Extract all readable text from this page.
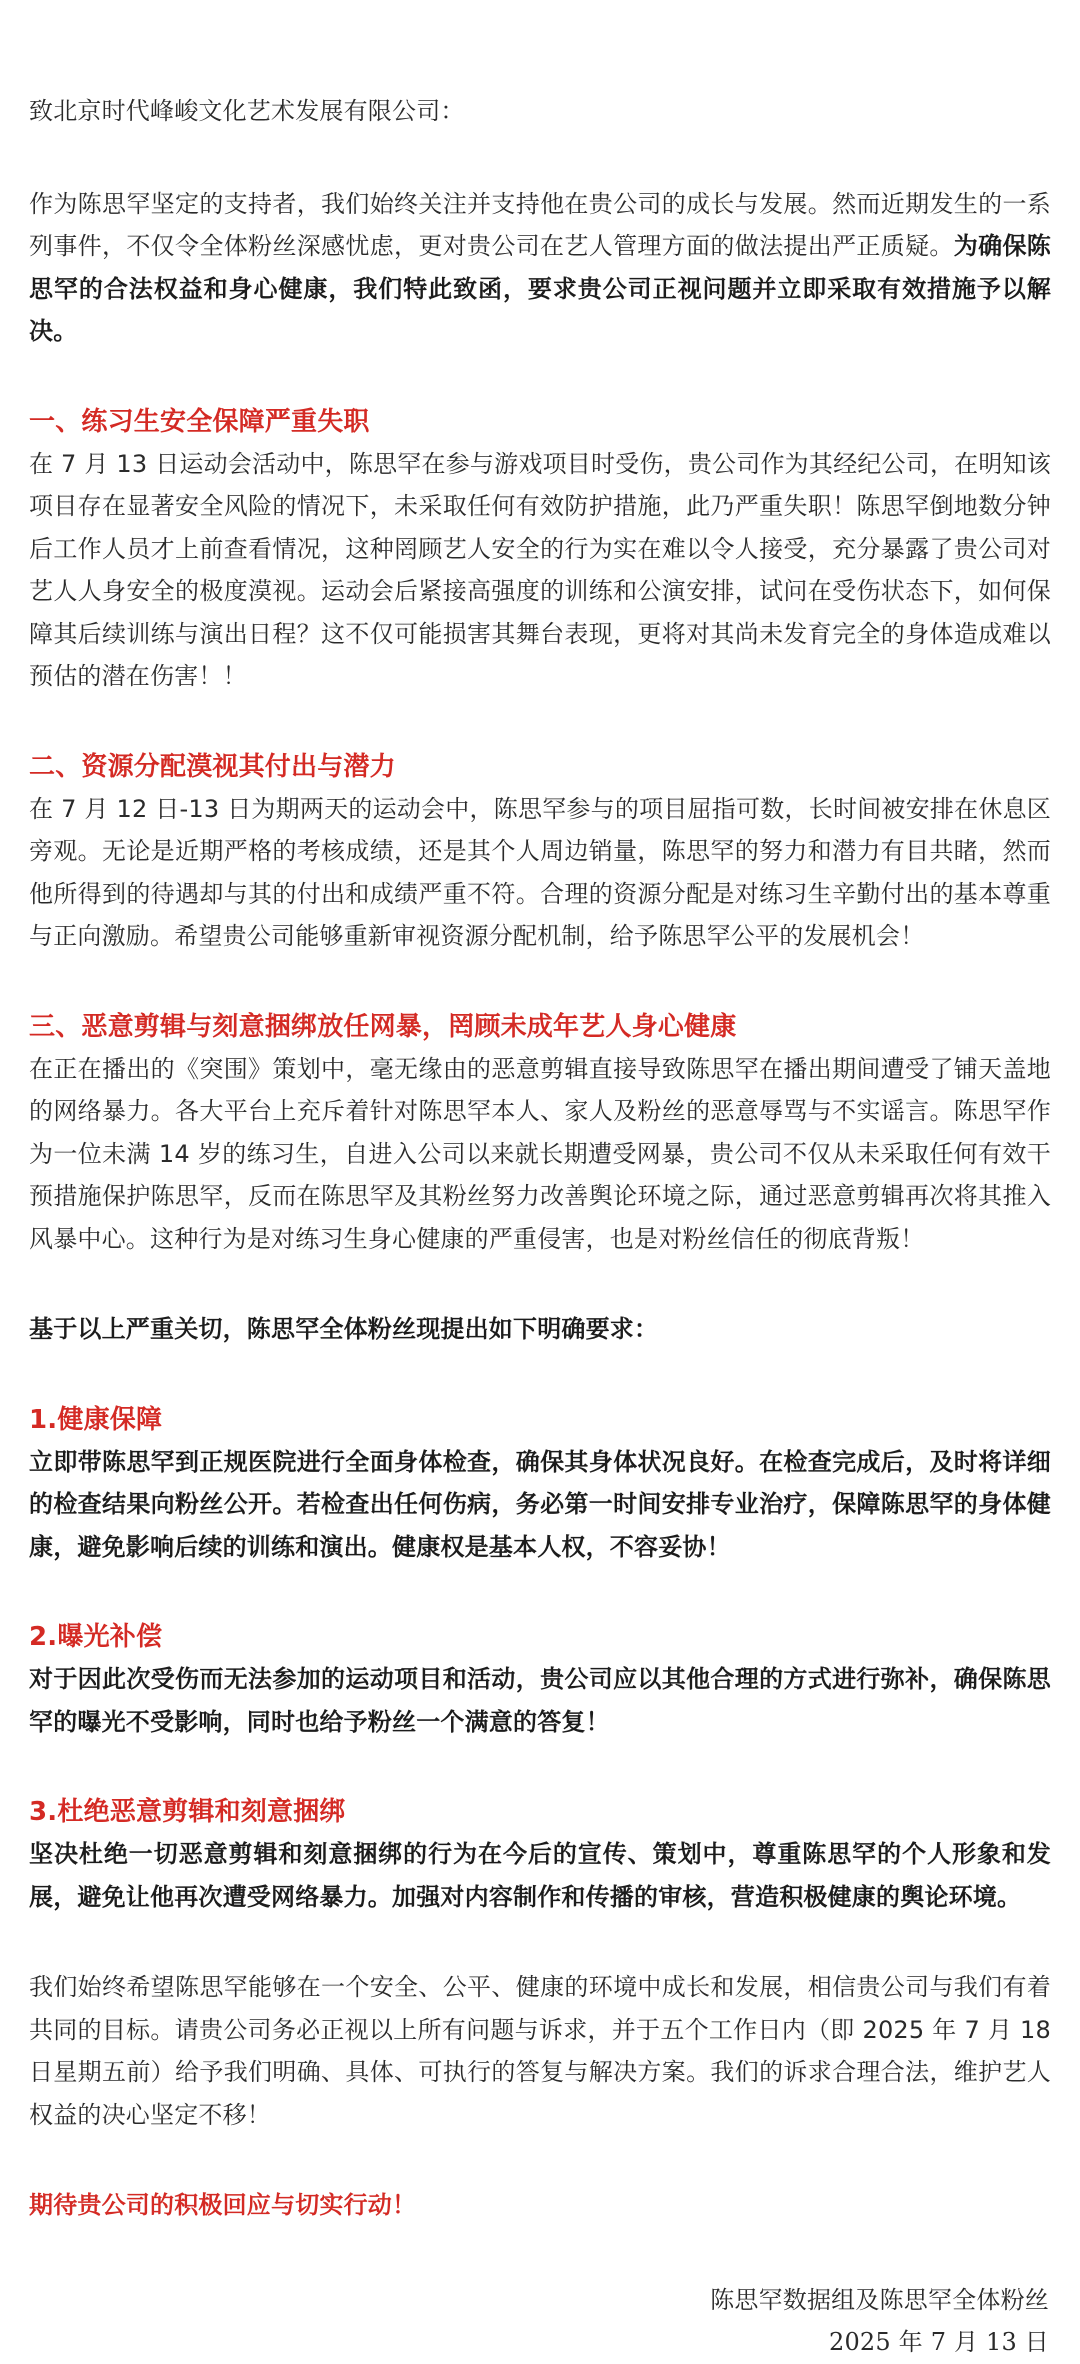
致北京时代峰峻文化艺术发展有限公司：

作为陈思罕坚定的支持者，我们始终关注并支持他在贵公司的成长与发展。然而近期发生的一系列事件，不仅令全体粉丝深感忧虑，更对贵公司在艺人管理方面的做法提出严正质疑。为确保陈思罕的合法权益和身心健康，我们特此致函，要求贵公司正视问题并立即采取有效措施予以解决。

一、练习生安全保障严重失职

在 7 月 13 日运动会活动中，陈思罕在参与游戏项目时受伤，贵公司作为其经纪公司，在明知该项目存在显著安全风险的情况下，未采取任何有效防护措施，此乃严重失职！陈思罕倒地数分钟后工作人员才上前查看情况，这种罔顾艺人安全的行为实在难以令人接受，充分暴露了贵公司对艺人人身安全的极度漠视。运动会后紧接高强度的训练和公演安排，试问在受伤状态下，如何保障其后续训练与演出日程？这不仅可能损害其舞台表现，更将对其尚未发育完全的身体造成难以预估的潜在伤害！！

二、资源分配漠视其付出与潜力

在 7 月 12 日-13 日为期两天的运动会中，陈思罕参与的项目屈指可数，长时间被安排在休息区旁观。无论是近期严格的考核成绩，还是其个人周边销量，陈思罕的努力和潜力有目共睹，然而他所得到的待遇却与其的付出和成绩严重不符。合理的资源分配是对练习生辛勤付出的基本尊重与正向激励。希望贵公司能够重新审视资源分配机制，给予陈思罕公平的发展机会！

三、恶意剪辑与刻意捆绑放任网暴，罔顾未成年艺人身心健康

在正在播出的《突围》策划中，毫无缘由的恶意剪辑直接导致陈思罕在播出期间遭受了铺天盖地的网络暴力。各大平台上充斥着针对陈思罕本人、家人及粉丝的恶意辱骂与不实谣言。陈思罕作为一位未满 14 岁的练习生，自进入公司以来就长期遭受网暴，贵公司不仅从未采取任何有效干预措施保护陈思罕，反而在陈思罕及其粉丝努力改善舆论环境之际，通过恶意剪辑再次将其推入风暴中心。这种行为是对练习生身心健康的严重侵害，也是对粉丝信任的彻底背叛！

基于以上严重关切，陈思罕全体粉丝现提出如下明确要求：

1.健康保障

立即带陈思罕到正规医院进行全面身体检查，确保其身体状况良好。在检查完成后，及时将详细的检查结果向粉丝公开。若检查出任何伤病，务必第一时间安排专业治疗，保障陈思罕的身体健康，避免影响后续的训练和演出。健康权是基本人权，不容妥协！

2.曝光补偿

对于因此次受伤而无法参加的运动项目和活动，贵公司应以其他合理的方式进行弥补，确保陈思罕的曝光不受影响，同时也给予粉丝一个满意的答复！

3.杜绝恶意剪辑和刻意捆绑

坚决杜绝一切恶意剪辑和刻意捆绑的行为在今后的宣传、策划中，尊重陈思罕的个人形象和发展，避免让他再次遭受网络暴力。加强对内容制作和传播的审核，营造积极健康的舆论环境。

我们始终希望陈思罕能够在一个安全、公平、健康的环境中成长和发展，相信贵公司与我们有着共同的目标。请贵公司务必正视以上所有问题与诉求，并于五个工作日内（即 2025 年 7 月 18 日星期五前）给予我们明确、具体、可执行的答复与解决方案。我们的诉求合理合法，维护艺人权益的决心坚定不移！

期待贵公司的积极回应与切实行动！

陈思罕数据组及陈思罕全体粉丝

2025 年 7 月 13 日
